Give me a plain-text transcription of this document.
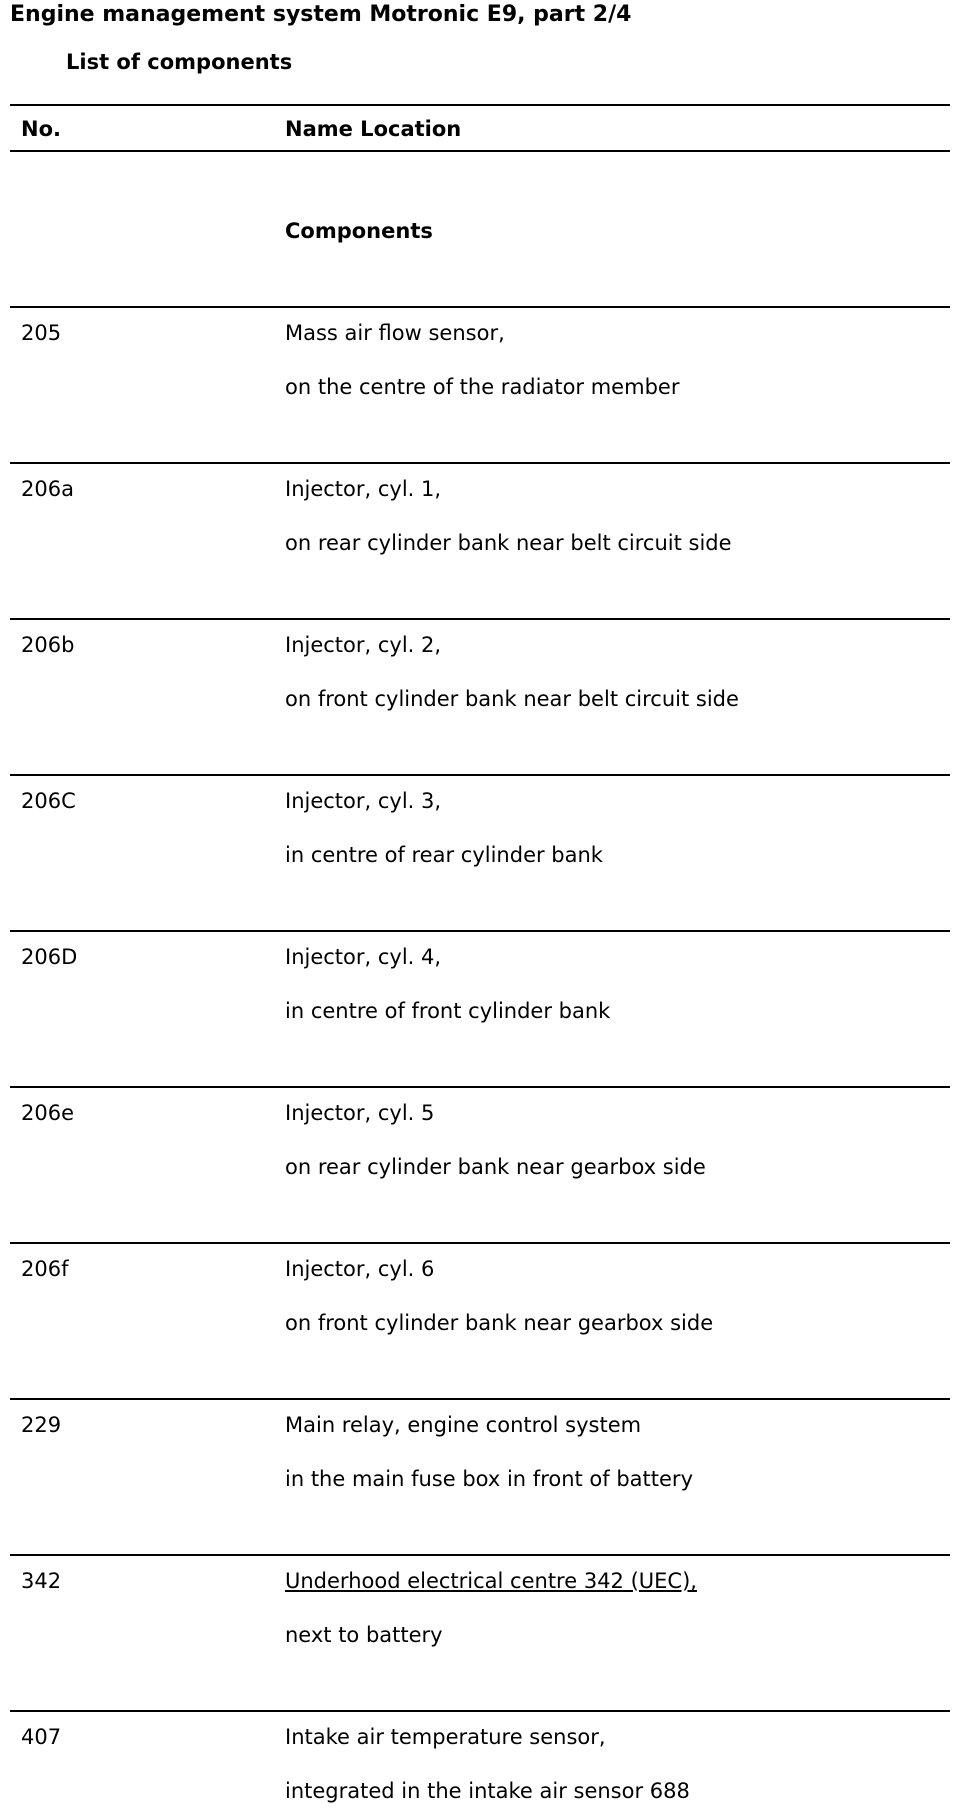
Engine management system Motronic E9, part 2/4
List of components
No.	Name Location
Components
205	Mass air flow sensor,
on the centre of the radiator member
206a	Injector, cyl. 1,
on rear cylinder bank near belt circuit side
206b	Injector, cyl. 2,
on front cylinder bank near belt circuit side
206C	Injector, cyl. 3,
in centre of rear cylinder bank
206D	Injector, cyl. 4,
in centre of front cylinder bank
206e	Injector, cyl. 5
on rear cylinder bank near gearbox side
206f	Injector, cyl. 6
on front cylinder bank near gearbox side
229	Main relay, engine control system
in the main fuse box in front of battery
342	Underhood electrical centre 342 (UEC),
next to battery
407	Intake air temperature sensor,
integrated in the intake air sensor 688
